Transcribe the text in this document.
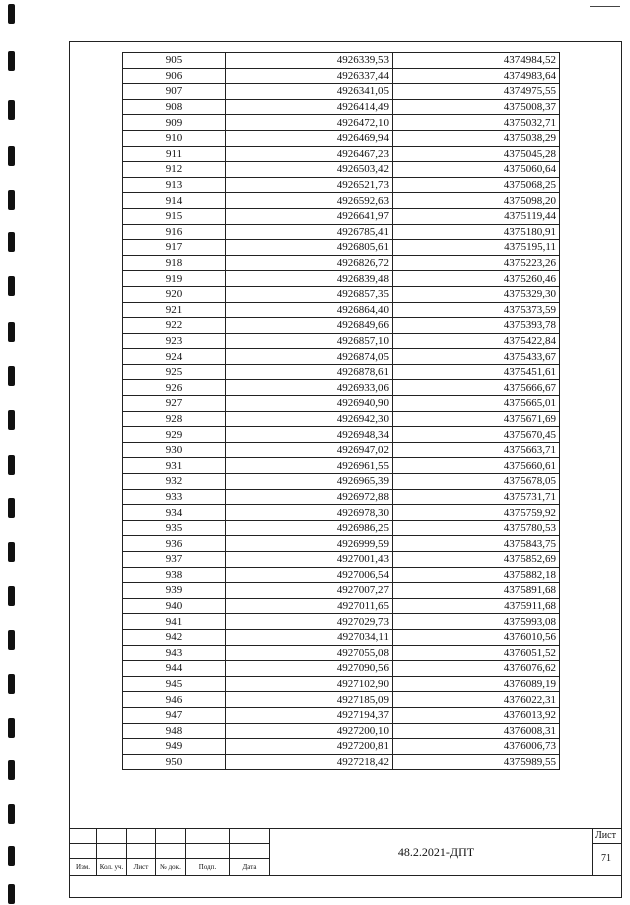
905	4926339,53	4374984,52
906	4926337,44	4374983,64
907	4926341,05	4374975,55
908	4926414,49	4375008,37
909	4926472,10	4375032,71
910	4926469,94	4375038,29
911	4926467,23	4375045,28
912	4926503,42	4375060,64
913	4926521,73	4375068,25
914	4926592,63	4375098,20
915	4926641,97	4375119,44
916	4926785,41	4375180,91
917	4926805,61	4375195,11
918	4926826,72	4375223,26
919	4926839,48	4375260,46
920	4926857,35	4375329,30
921	4926864,40	4375373,59
922	4926849,66	4375393,78
923	4926857,10	4375422,84
924	4926874,05	4375433,67
925	4926878,61	4375451,61
926	4926933,06	4375666,67
927	4926940,90	4375665,01
928	4926942,30	4375671,69
929	4926948,34	4375670,45
930	4926947,02	4375663,71
931	4926961,55	4375660,61
932	4926965,39	4375678,05
933	4926972,88	4375731,71
934	4926978,30	4375759,92
935	4926986,25	4375780,53
936	4926999,59	4375843,75
937	4927001,43	4375852,69
938	4927006,54	4375882,18
939	4927007,27	4375891,68
940	4927011,65	4375911,68
941	4927029,73	4375993,08
942	4927034,11	4376010,56
943	4927055,08	4376051,52
944	4927090,56	4376076,62
945	4927102,90	4376089,19
946	4927185,09	4376022,31
947	4927194,37	4376013,92
948	4927200,10	4376008,31
949	4927200,81	4376006,73
950	4927218,42	4375989,55
Изм.	Кол. уч.	Лист	№ док.	Подп.	Дата
48.2.2021-ДПТ
Лист
71
